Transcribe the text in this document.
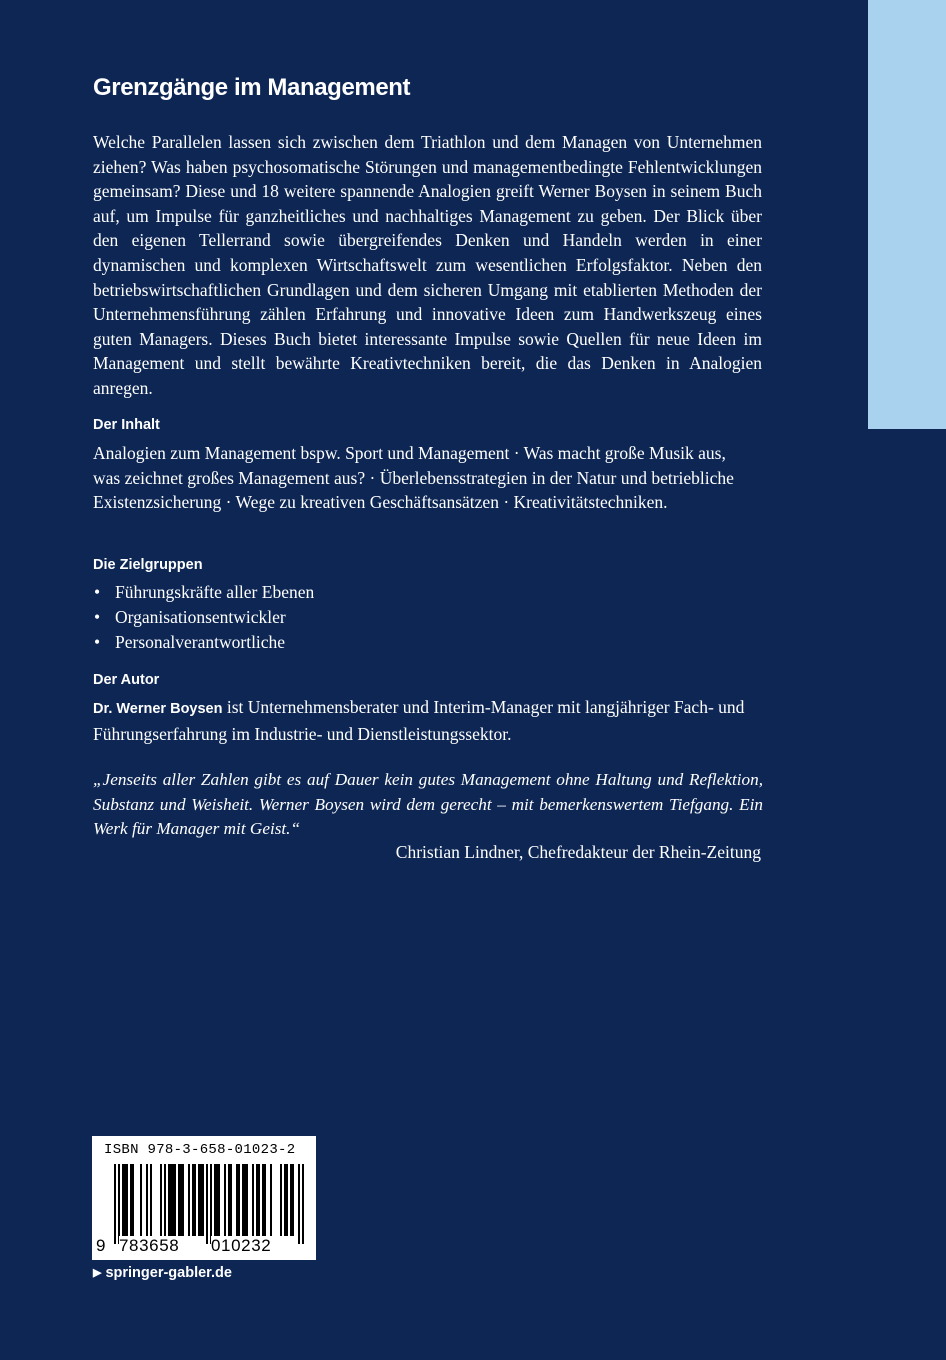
Grenzgänge im Management
Welche Parallelen lassen sich zwischen dem Triathlon und dem Managen von Unternehmen ziehen? Was haben psychosomatische Störungen und managementbedingte Fehlentwicklungen gemeinsam? Diese und 18 weitere spannende Analogien greift Werner Boysen in seinem Buch auf, um Impulse für ganzheitliches und nachhaltiges Management zu geben. Der Blick über den eigenen Tellerrand sowie übergreifendes Denken und Handeln werden in einer dynamischen und komplexen Wirtschaftswelt zum wesentlichen Erfolgsfaktor. Neben den betriebswirtschaftlichen Grundlagen und dem sicheren Umgang mit etablierten Methoden der Unternehmensführung zählen Erfahrung und innovative Ideen zum Handwerkszeug eines guten Managers. Dieses Buch bietet interessante Impulse sowie Quellen für neue Ideen im Management und stellt bewährte Kreativtechniken bereit, die das Denken in Analogien anregen.
Der Inhalt
Analogien zum Management bspw. Sport und Management · Was macht große Musik aus, was zeichnet großes Management aus? · Überlebensstrategien in der Natur und betriebliche Existenzsicherung · Wege zu kreativen Geschäftsansätzen · Kreativitätstechniken.
Die Zielgruppen
• Führungskräfte aller Ebenen
• Organisationsentwickler
• Personalverantwortliche
Der Autor
Dr. Werner Boysen ist Unternehmensberater und Interim-Manager mit langjähriger Fach- und Führungserfahrung im Industrie- und Dienstleistungssektor.
„Jenseits aller Zahlen gibt es auf Dauer kein gutes Management ohne Haltung und Reflektion, Substanz und Weisheit. Werner Boysen wird dem gerecht – mit bemerkenswertem Tiefgang. Ein Werk für Manager mit Geist.“
Christian Lindner, Chefredakteur der Rhein-Zeitung
ISBN 978-3-658-01023-2
9 783658 010232
▶ springer-gabler.de
